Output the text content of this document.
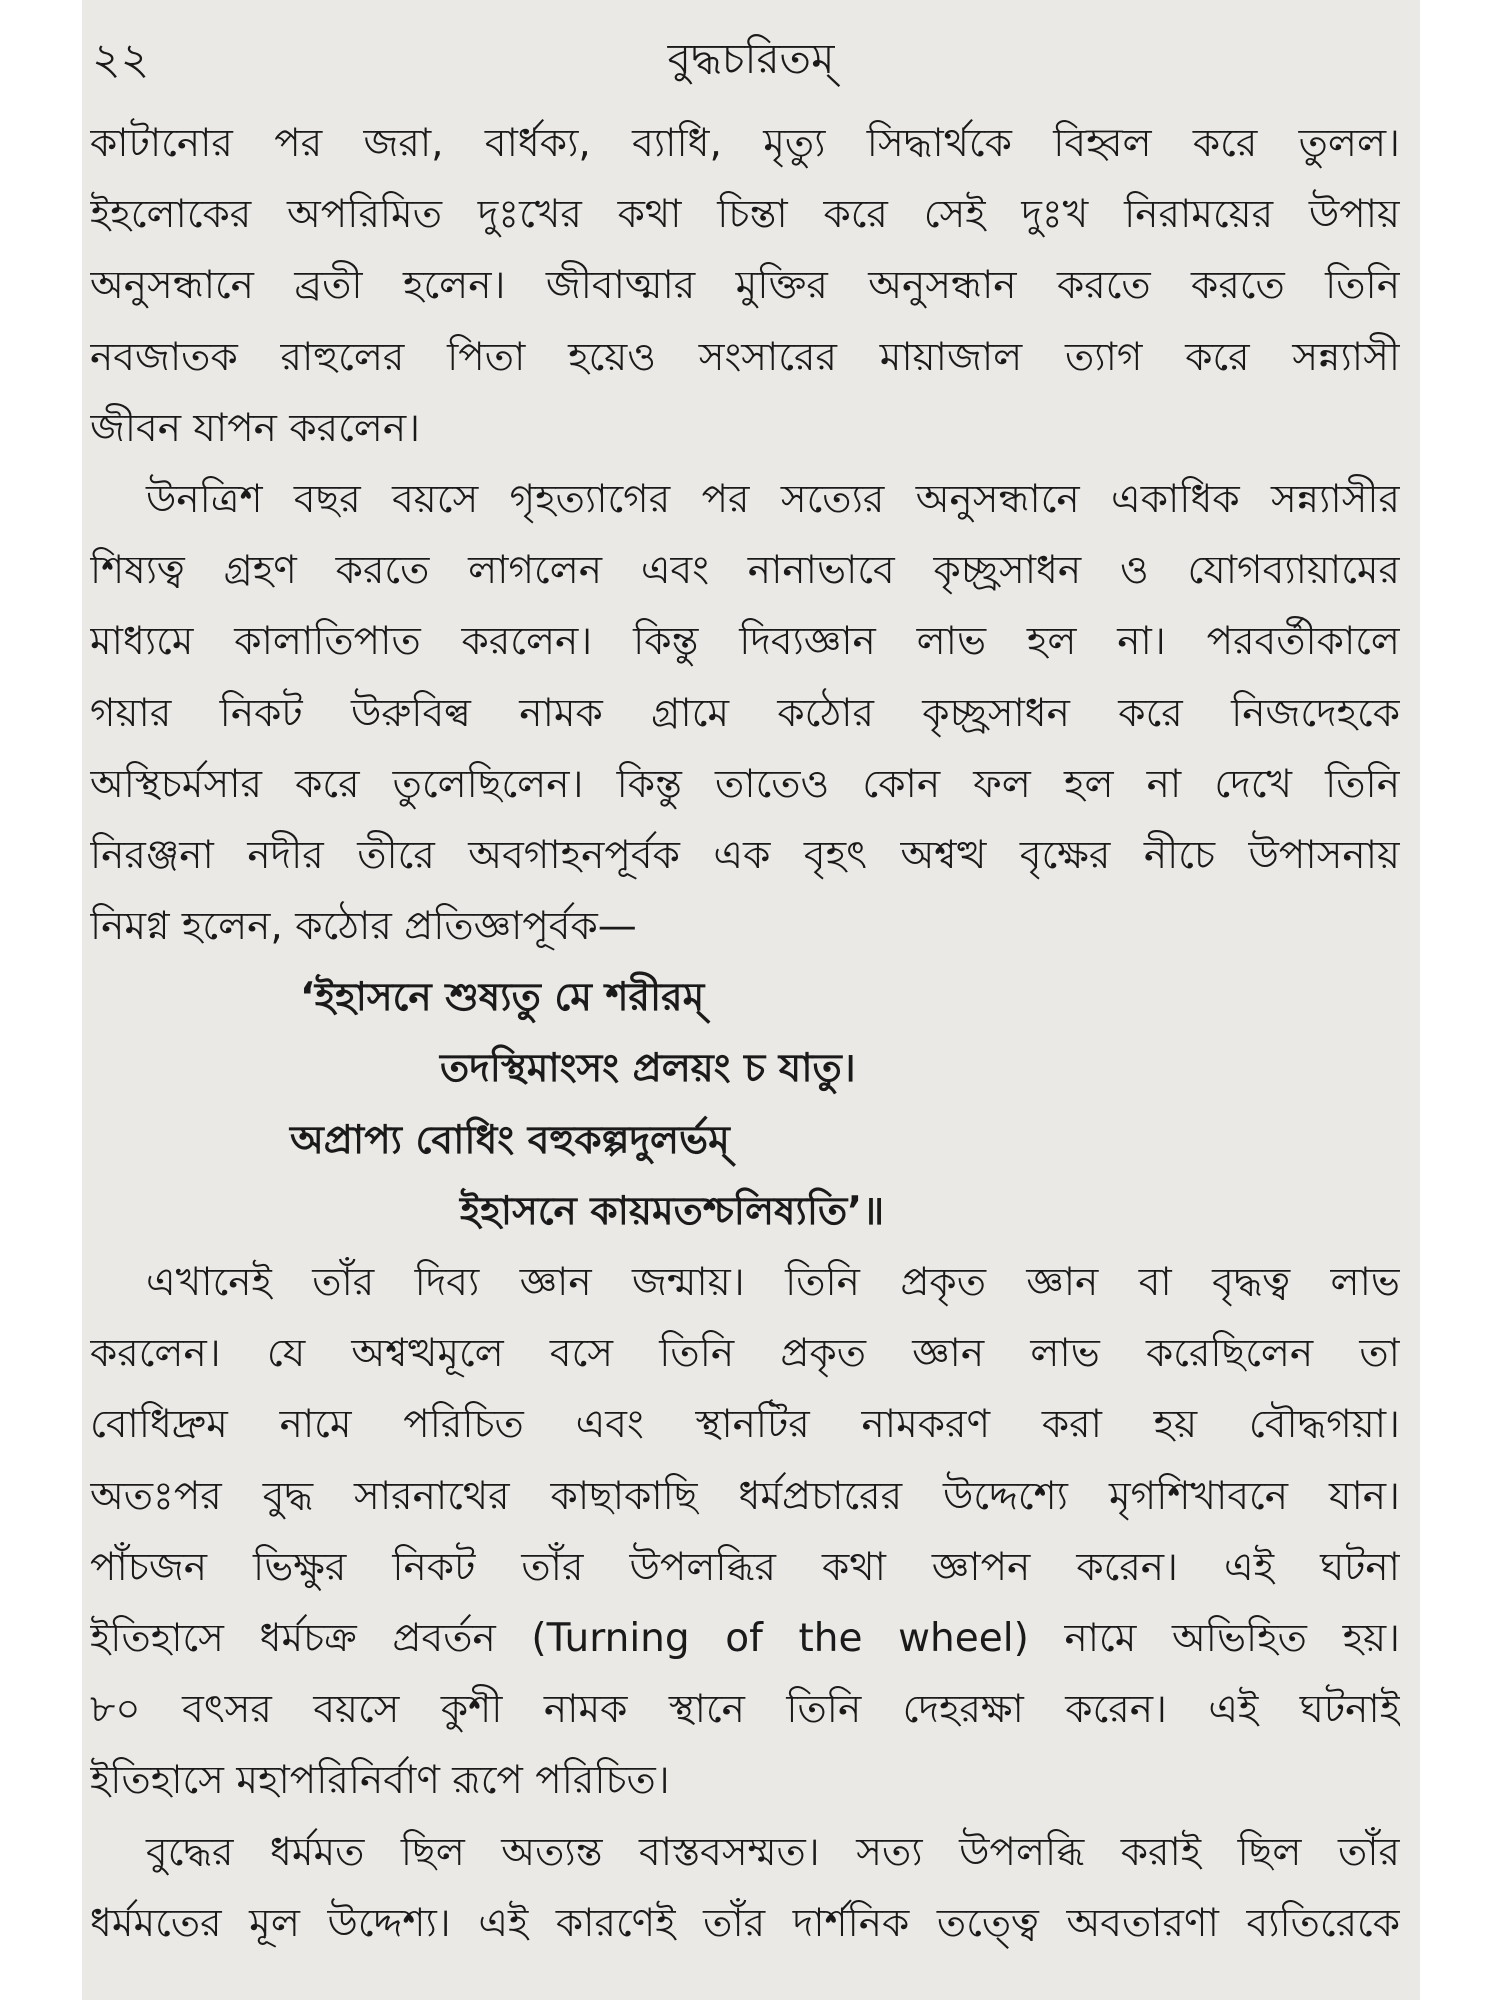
২২	বুদ্ধচরিতম্
কাটানোর পর জরা, বার্ধক্য, ব্যাধি, মৃত্যু সিদ্ধার্থকে বিহ্বল করে তুলল।
ইহলোকের অপরিমিত দুঃখের কথা চিন্তা করে সেই দুঃখ নিরাময়ের উপায়
অনুসন্ধানে ব্রতী হলেন। জীবাত্মার মুক্তির অনুসন্ধান করতে করতে তিনি
নবজাতক রাহুলের পিতা হয়েও সংসারের মায়াজাল ত্যাগ করে সন্ন্যাসী
জীবন যাপন করলেন।
উনত্রিশ বছর বয়সে গৃহত্যাগের পর সত্যের অনুসন্ধানে একাধিক সন্ন্যাসীর
শিষ্যত্ব গ্রহণ করতে লাগলেন এবং নানাভাবে কৃচ্ছ্রসাধন ও যোগব্যায়ামের
মাধ্যমে কালাতিপাত করলেন। কিন্তু দিব্যজ্ঞান লাভ হল না। পরবর্তীকালে
গয়ার নিকট উরুবিল্ব নামক গ্রামে কঠোর কৃচ্ছ্রসাধন করে নিজদেহকে
অস্থিচর্মসার করে তুলেছিলেন। কিন্তু তাতেও কোন ফল হল না দেখে তিনি
নিরঞ্জনা নদীর তীরে অবগাহনপূর্বক এক বৃহৎ অশ্বত্থ বৃক্ষের নীচে উপাসনায়
নিমগ্ন হলেন, কঠোর প্রতিজ্ঞাপূর্বক—
‘ইহাসনে শুষ্যতু মে শরীরম্
তদস্থিমাংসং প্রলয়ং চ যাতু।
অপ্রাপ্য বোধিং বহুকল্পদুলর্ভম্
ইহাসনে কায়মতশ্চলিষ্যতি’॥
এখানেই তাঁর দিব্য জ্ঞান জন্মায়। তিনি প্রকৃত জ্ঞান বা বৃদ্ধত্ব লাভ
করলেন। যে অশ্বত্থমূলে বসে তিনি প্রকৃত জ্ঞান লাভ করেছিলেন তা
বোধিদ্রুম নামে পরিচিত এবং স্থানটির নামকরণ করা হয় বৌদ্ধগয়া।
অতঃপর বুদ্ধ সারনাথের কাছাকাছি ধর্মপ্রচারের উদ্দেশ্যে মৃগশিখাবনে যান।
পাঁচজন ভিক্ষুর নিকট তাঁর উপলব্ধির কথা জ্ঞাপন করেন। এই ঘটনা
ইতিহাসে ধর্মচক্র প্রবর্তন (Turning of the wheel) নামে অভিহিত হয়।
৮০ বৎসর বয়সে কুশী নামক স্থানে তিনি দেহরক্ষা করেন। এই ঘটনাই
ইতিহাসে মহাপরিনির্বাণ রূপে পরিচিত।
বুদ্ধের ধর্মমত ছিল অত্যন্ত বাস্তবসম্মত। সত্য উপলব্ধি করাই ছিল তাঁর
ধর্মমতের মূল উদ্দেশ্য। এই কারণেই তাঁর দার্শনিক তত্ত্বে অবতারণা ব্যতিরেকে
